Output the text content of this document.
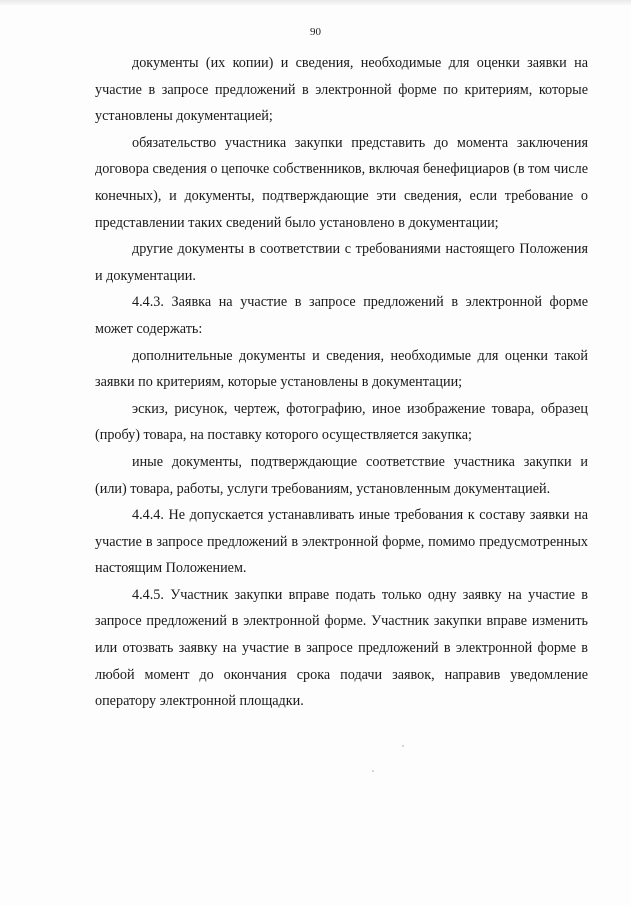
90

документы (их копии) и сведения, необходимые для оценки заявки на участие в запросе предложений в электронной форме по критериям, которые установлены документацией;

обязательство участника закупки представить до момента заключения договора сведения о цепочке собственников, включая бенефициаров (в том числе конечных), и документы, подтверждающие эти сведения, если требование о представлении таких сведений было установлено в документации;

другие документы в соответствии с требованиями настоящего Положения и документации.

4.4.3. Заявка на участие в запросе предложений в электронной форме может содержать:

дополнительные документы и сведения, необходимые для оценки такой заявки по критериям, которые установлены в документации;

эскиз, рисунок, чертеж, фотографию, иное изображение товара, образец (пробу) товара, на поставку которого осуществляется закупка;

иные документы, подтверждающие соответствие участника закупки и (или) товара, работы, услуги требованиям, установленным документацией.

4.4.4. Не допускается устанавливать иные требования к составу заявки на участие в запросе предложений в электронной форме, помимо предусмотренных настоящим Положением.

4.4.5. Участник закупки вправе подать только одну заявку на участие в запросе предложений в электронной форме. Участник закупки вправе изменить или отозвать заявку на участие в запросе предложений в электронной форме в любой момент до окончания срока подачи заявок, направив уведомление оператору электронной площадки.
